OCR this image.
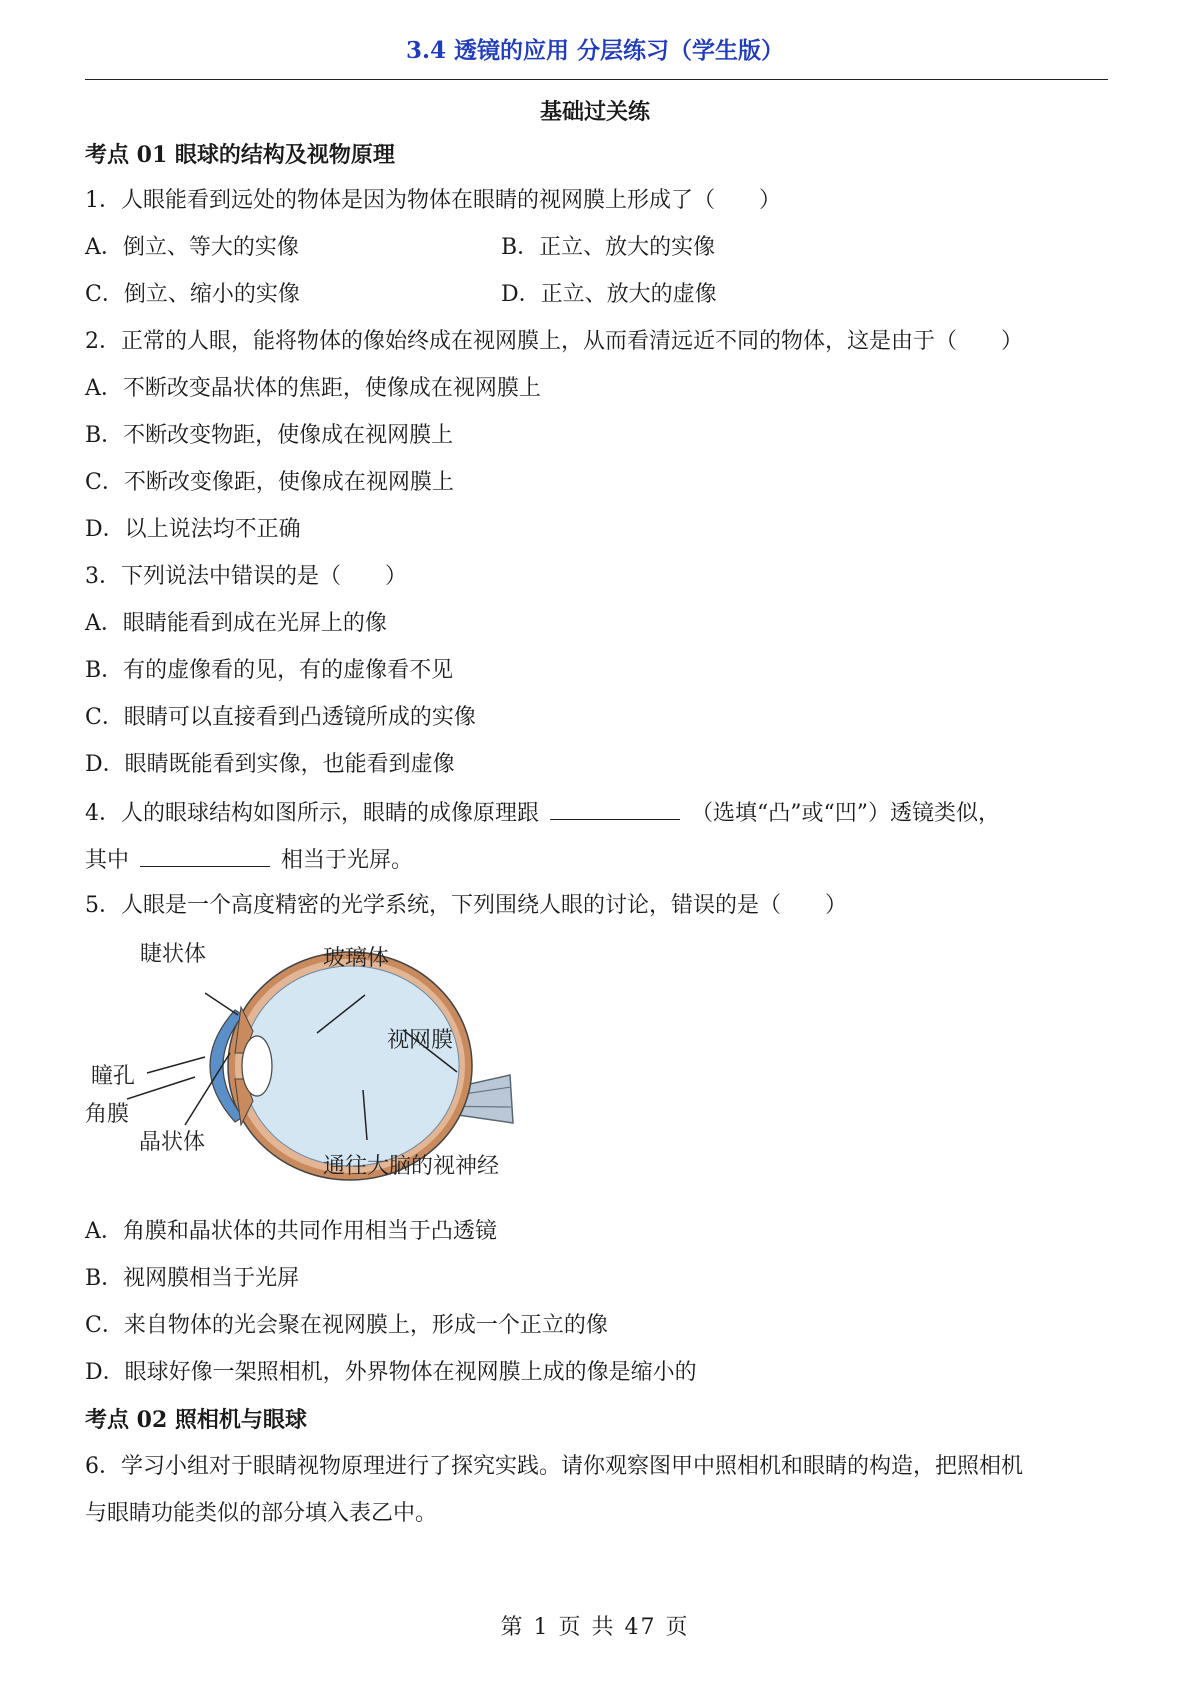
3.4 透镜的应用 分层练习（学生版）
基础过关练
考点 01 眼球的结构及视物原理
1．人眼能看到远处的物体是因为物体在眼睛的视网膜上形成了（　　）
A．倒立、等大的实像	B．正立、放大的实像
C．倒立、缩小的实像	D．正立、放大的虚像
2．正常的人眼，能将物体的像始终成在视网膜上，从而看清远近不同的物体，这是由于（　　）
A．不断改变晶状体的焦距，使像成在视网膜上
B．不断改变物距，使像成在视网膜上
C．不断改变像距，使像成在视网膜上
D．以上说法均不正确
3．下列说法中错误的是（　　）
A．眼睛能看到成在光屏上的像
B．有的虚像看的见，有的虚像看不见
C．眼睛可以直接看到凸透镜所成的实像
D．眼睛既能看到实像，也能看到虚像
4．人的眼球结构如图所示，眼睛的成像原理跟	（选填“凸”或“凹”）透镜类似，
其中	相当于光屏。
5．人眼是一个高度精密的光学系统，下列围绕人眼的讨论，错误的是（　　）
睫状体	玻璃体
视网膜
瞳孔
角膜
晶状体
通往大脑的视神经
A．角膜和晶状体的共同作用相当于凸透镜
B．视网膜相当于光屏
C．来自物体的光会聚在视网膜上，形成一个正立的像
D．眼球好像一架照相机，外界物体在视网膜上成的像是缩小的
考点 02 照相机与眼球
6．学习小组对于眼睛视物原理进行了探究实践。请你观察图甲中照相机和眼睛的构造，把照相机
与眼睛功能类似的部分填入表乙中。
第 1 页 共 47 页
